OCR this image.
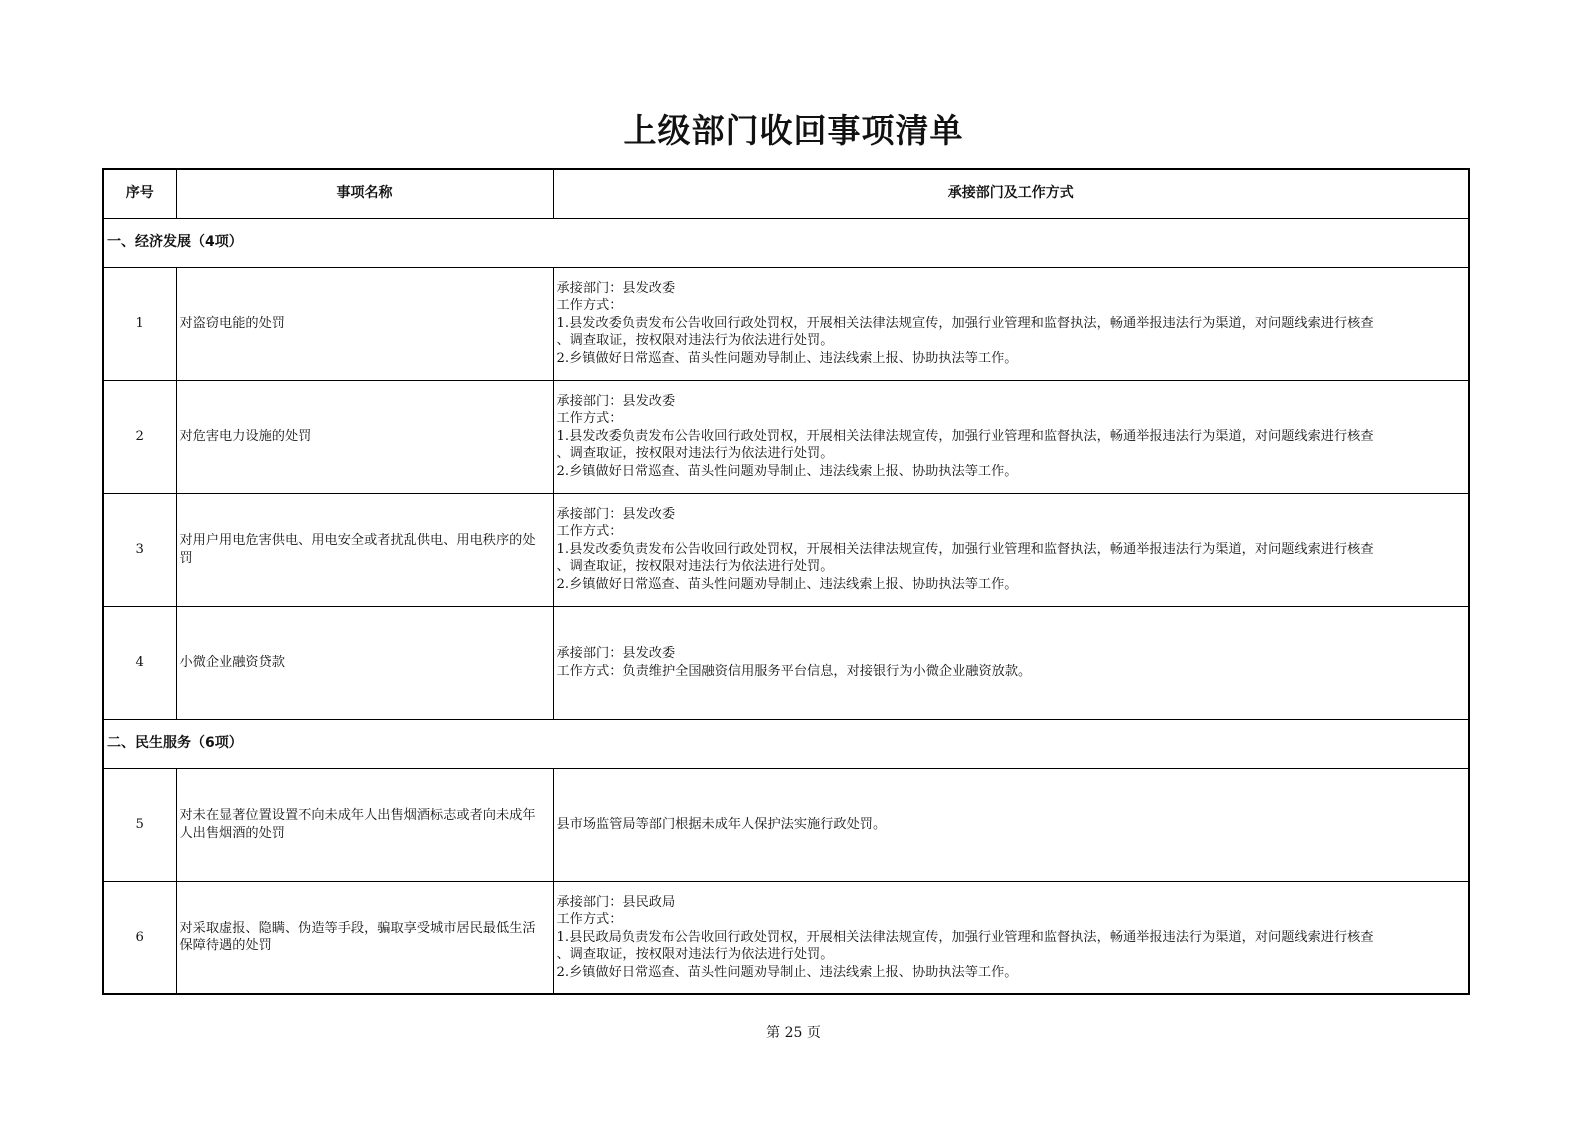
上级部门收回事项清单
序号	事项名称	承接部门及工作方式
一、经济发展（4项）		
1	对盗窃电能的处罚	承接部门：县发改委
工作方式：
1.县发改委负责发布公告收回行政处罚权，开展相关法律法规宣传，加强行业管理和监督执法，畅通举报违法行为渠道，对问题线索进行核查
、调查取证，按权限对违法行为依法进行处罚。
2.乡镇做好日常巡查、苗头性问题劝导制止、违法线索上报、协助执法等工作。

2	对危害电力设施的处罚	承接部门：县发改委
工作方式：
1.县发改委负责发布公告收回行政处罚权，开展相关法律法规宣传，加强行业管理和监督执法，畅通举报违法行为渠道，对问题线索进行核查
、调查取证，按权限对违法行为依法进行处罚。
2.乡镇做好日常巡查、苗头性问题劝导制止、违法线索上报、协助执法等工作。

3	对用户用电危害供电、用电安全或者扰乱供电、用电秩序的处罚	承接部门：县发改委
工作方式：
1.县发改委负责发布公告收回行政处罚权，开展相关法律法规宣传，加强行业管理和监督执法，畅通举报违法行为渠道，对问题线索进行核查
、调查取证，按权限对违法行为依法进行处罚。
2.乡镇做好日常巡查、苗头性问题劝导制止、违法线索上报、协助执法等工作。

4	小微企业融资贷款	承接部门：县发改委
工作方式：负责维护全国融资信用服务平台信息，对接银行为小微企业融资放款。

二、民生服务（6项）		
5	对未在显著位置设置不向未成年人出售烟酒标志或者向未成年人出售烟酒的处罚	县市场监管局等部门根据未成年人保护法实施行政处罚。

6	对采取虚报、隐瞒、伪造等手段，骗取享受城市居民最低生活保障待遇的处罚	承接部门：县民政局
工作方式：
1.县民政局负责发布公告收回行政处罚权，开展相关法律法规宣传，加强行业管理和监督执法，畅通举报违法行为渠道，对问题线索进行核查
、调查取证，按权限对违法行为依法进行处罚。
2.乡镇做好日常巡查、苗头性问题劝导制止、违法线索上报、协助执法等工作。
第 25 页
